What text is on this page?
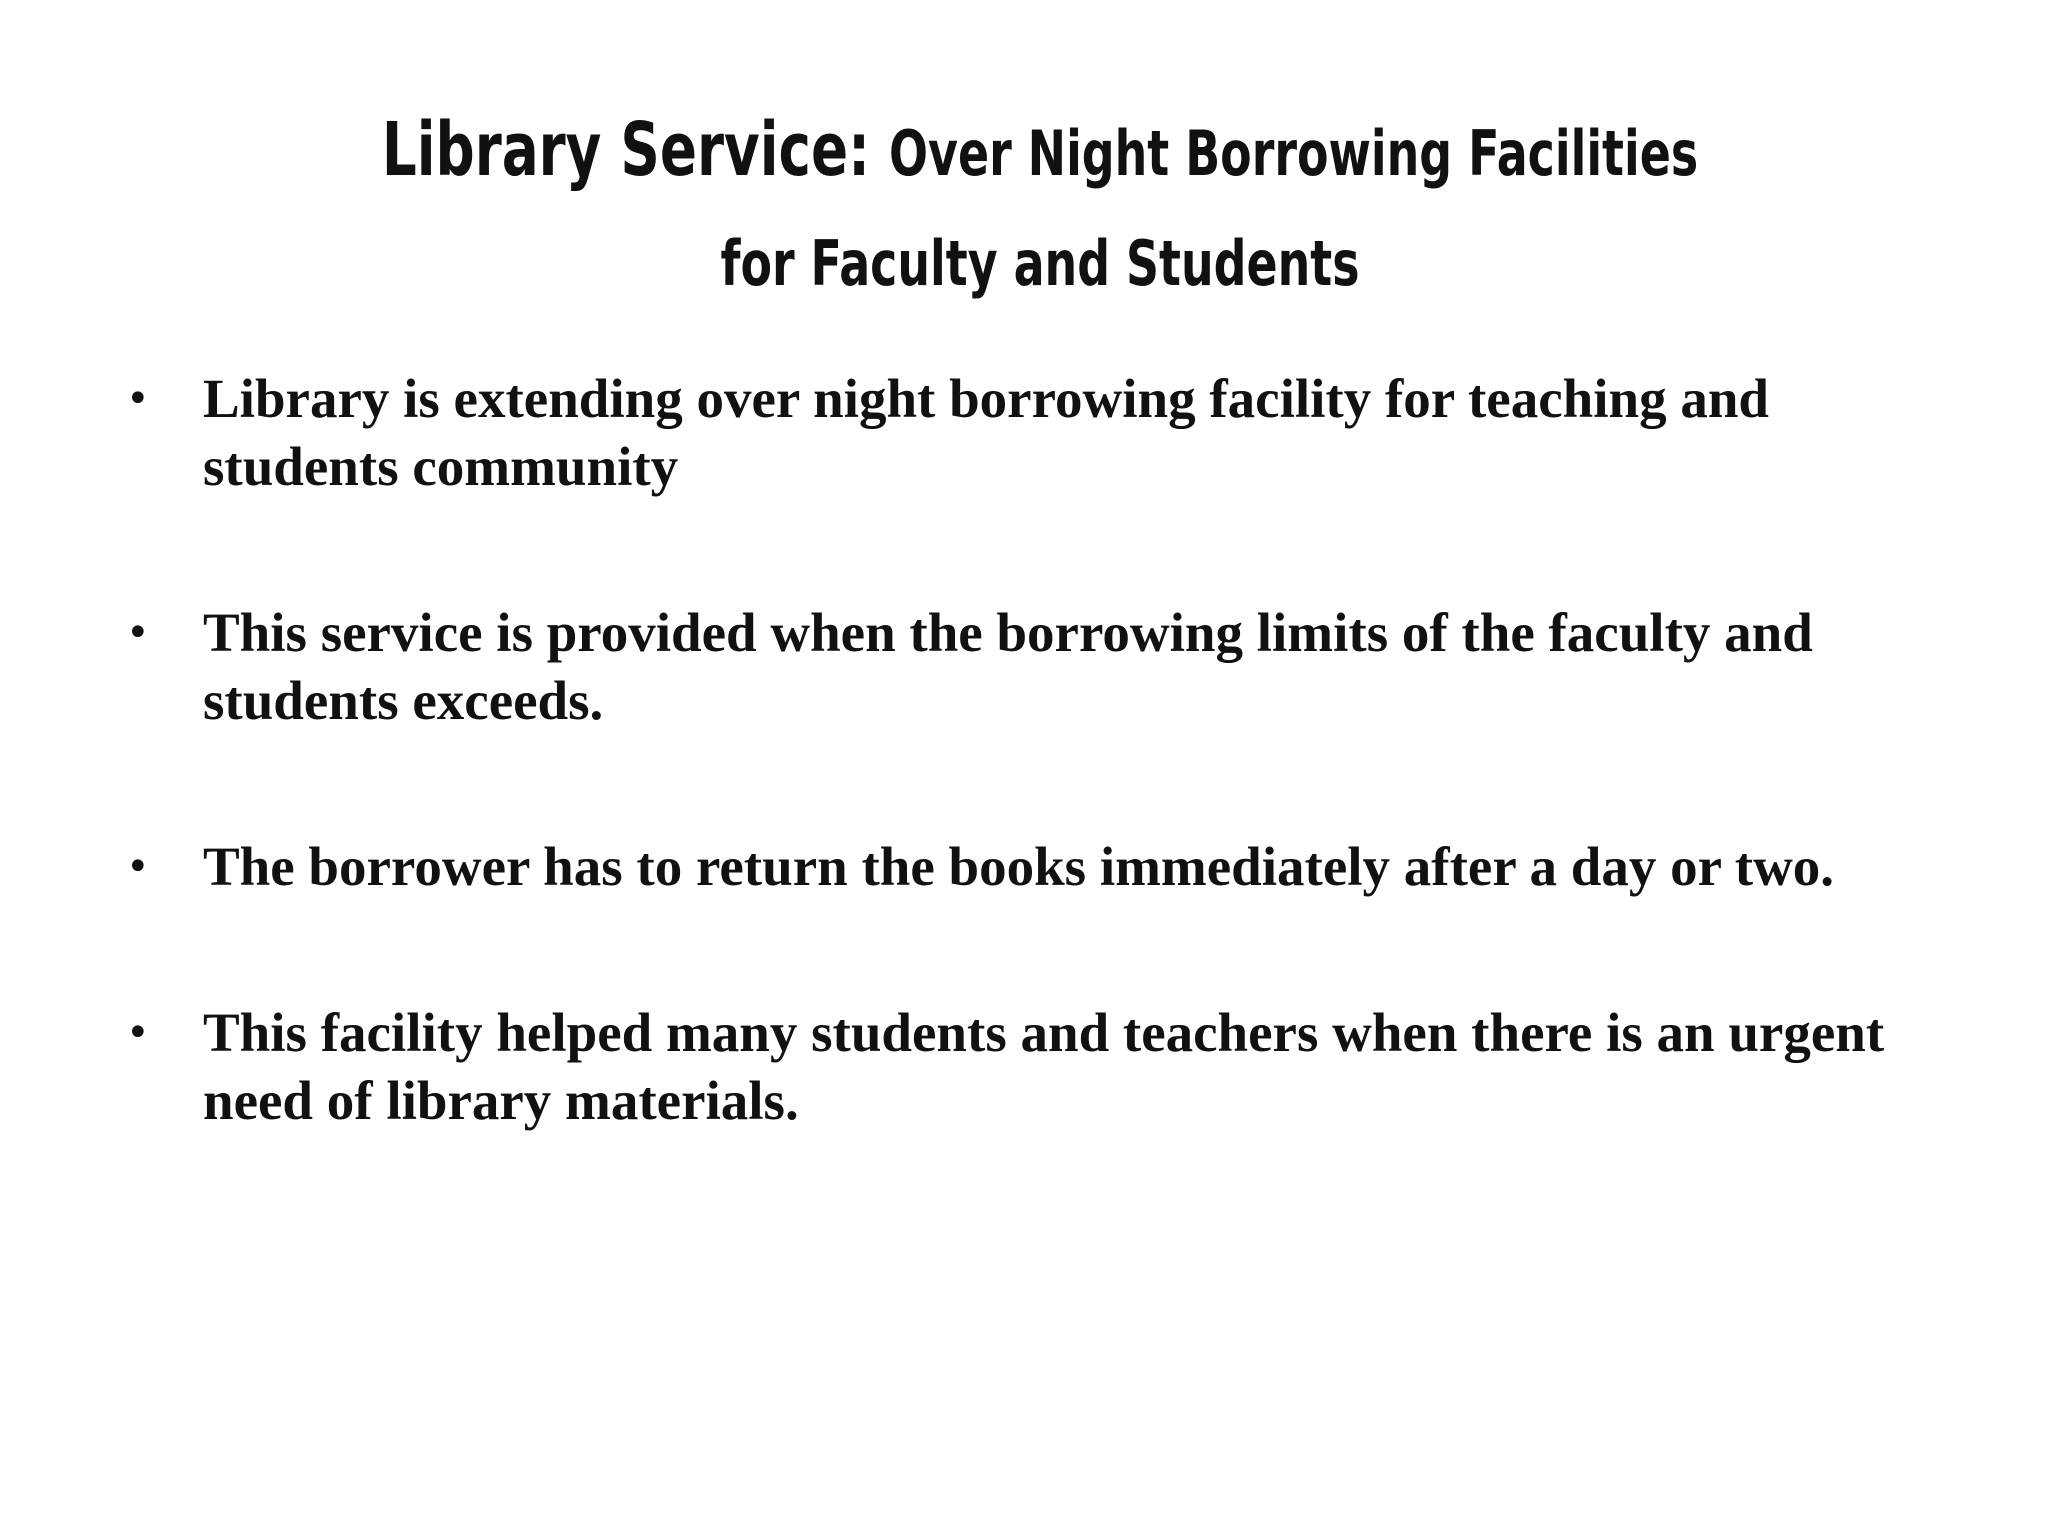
Library Service: Over Night Borrowing Facilities for Faculty and Students
• Library is extending over night borrowing facility for teaching and students community
• This service is provided when the borrowing limits of the faculty and students exceeds.
• The borrower has to return the books immediately after a day or two.
• This facility helped many students and teachers when there is an urgent need of library materials.
